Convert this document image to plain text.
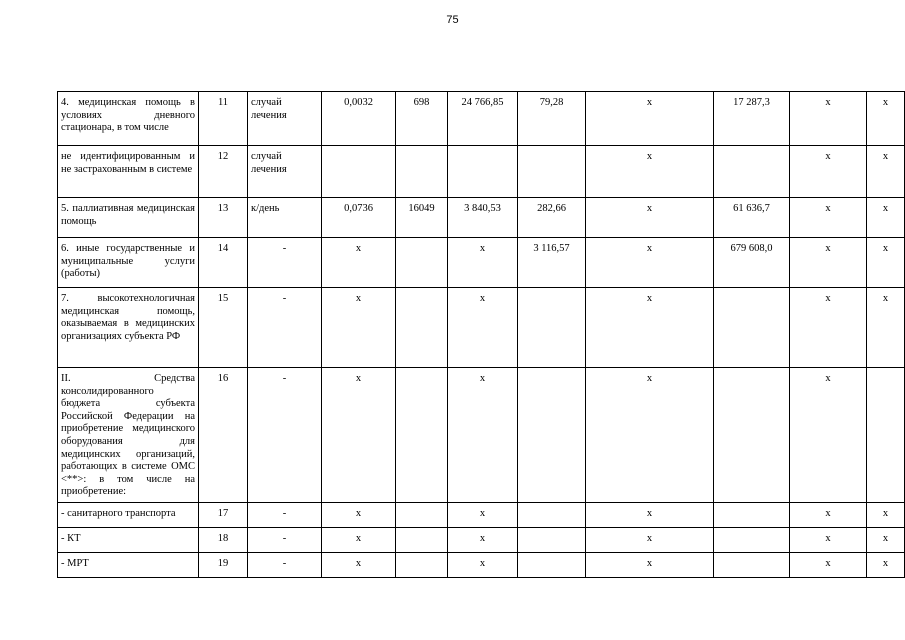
75
4. медицинская помощь в условиях дневного стационара, в том числе	11	случай лечения	0,0032	698	24 766,85	79,28	х	17 287,3	х	х
не идентифицированным и не застрахованным в системе	12	случай лечения					х		х	х
5. паллиативная медицинская помощь	13	к/день	0,0736	16049	3 840,53	282,66	х	61 636,7	х	х
6. иные государственные и муниципальные услуги (работы)	14	-	х		х	3 116,57	х	679 608,0	х	х
7. высокотехнологичная медицинская помощь, оказываемая в медицинских организациях субъекта РФ	15	-	х		х		х		х	х
II. Средства консолидированного бюджета субъекта Российской Федерации на приобретение медицинского оборудования для медицинских организаций, работающих в системе ОМС <**>: в том числе на приобретение:	16	-	х		х		х		х	
- санитарного транспорта	17	-	х		х		х		х	х
- КТ	18	-	х		х		х		х	х
- МРТ	19	-	х		х		х		х	х
